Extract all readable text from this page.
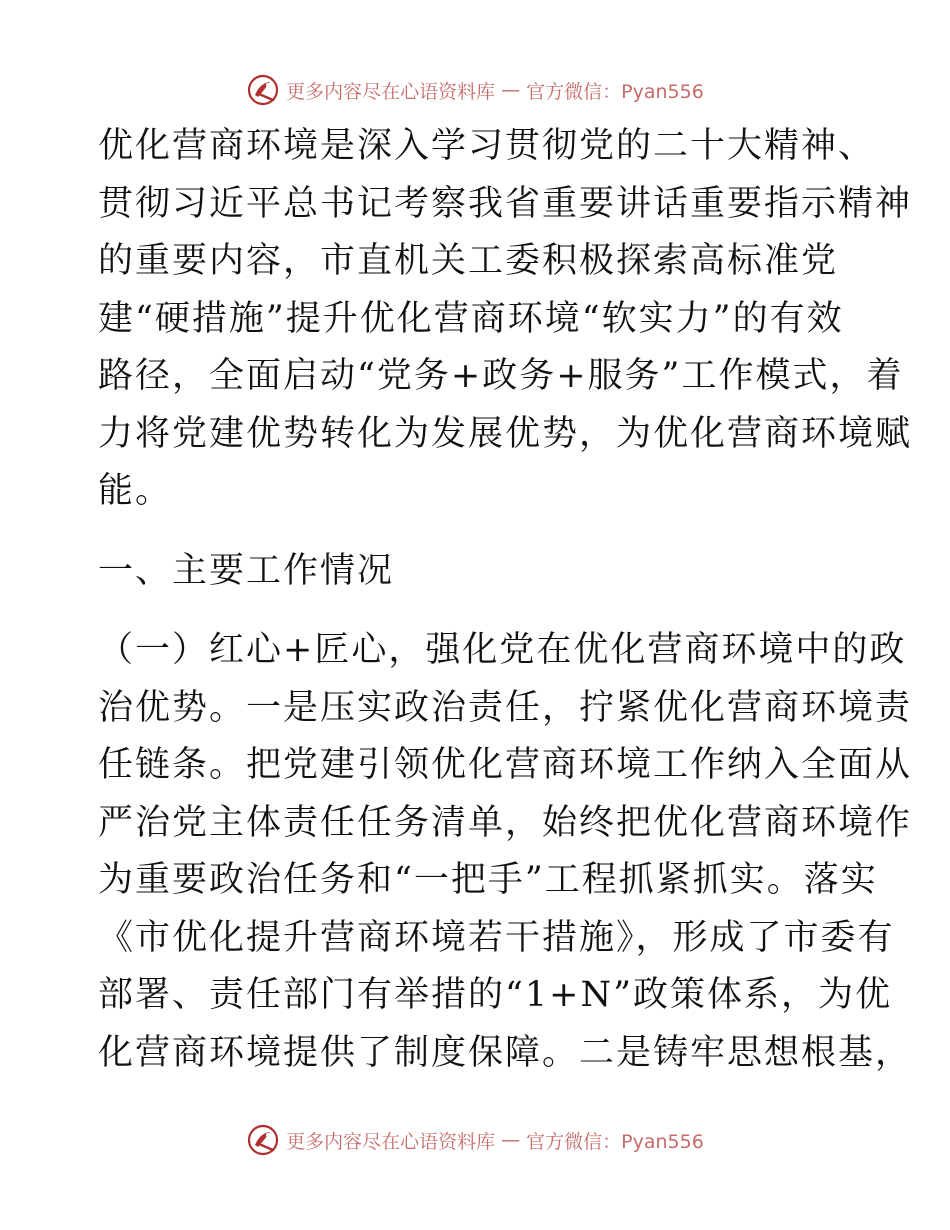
更多内容尽在心语资料库 — 官方微信：Pyan556
优化营商环境是深入学习贯彻党的二十大精神、
贯彻习近平总书记考察我省重要讲话重要指示精神
的重要内容，市直机关工委积极探索高标准党
建“硬措施”提升优化营商环境“软实力”的有效
路径，全面启动“党务+政务+服务”工作模式，着
力将党建优势转化为发展优势，为优化营商环境赋
能。
一、主要工作情况
（一）红心+匠心，强化党在优化营商环境中的政
治优势。一是压实政治责任，拧紧优化营商环境责
任链条。把党建引领优化营商环境工作纳入全面从
严治党主体责任任务清单，始终把优化营商环境作
为重要政治任务和“一把手”工程抓紧抓实。落实
《市优化提升营商环境若干措施》，形成了市委有
部署、责任部门有举措的“1+N”政策体系，为优
化营商环境提供了制度保障。二是铸牢思想根基，
更多内容尽在心语资料库 — 官方微信：Pyan556
